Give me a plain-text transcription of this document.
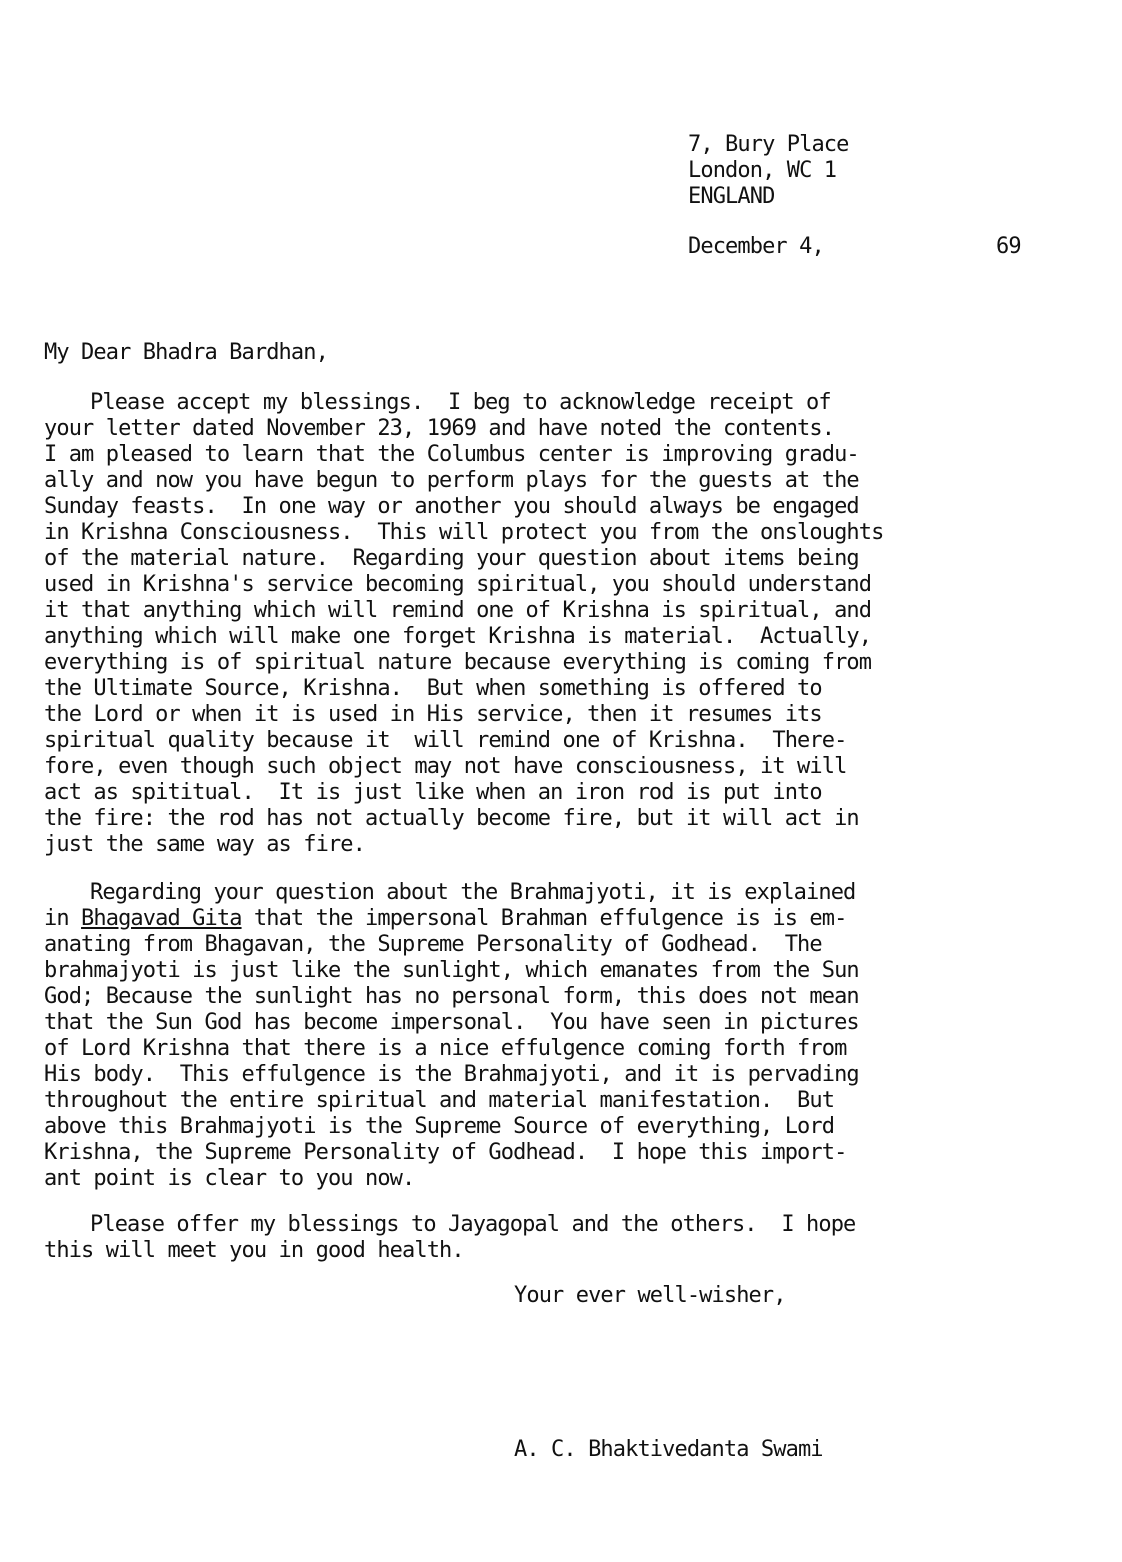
7, Bury Place
London, WC 1
ENGLAND

December 4,

	69

My Dear Bhadra Bardhan,
Please accept my blessings.  I beg to acknowledge receipt of
your letter dated November 23, 1969 and have noted the contents.
I am pleased to learn that the Columbus center is improving gradu-
ally and now you have begun to perform plays for the guests at the
Sunday feasts.  In one way or another you should always be engaged
in Krishna Consciousness.  This will protect you from the onsloughts
of the material nature.  Regarding your question about items being
used in Krishna's service becoming spiritual, you should understand
it that anything which will remind one of Krishna is spiritual, and
anything which will make one forget Krishna is material.  Actually,
everything is of spiritual nature because everything is coming from
the Ultimate Source, Krishna.  But when something is offered to
the Lord or when it is used in His service, then it resumes its
spiritual quality because it  will remind one of Krishna.  There-
fore, even though such object may not have consciousness, it will
act as spititual.  It is just like when an iron rod is put into
the fire: the rod has not actually become fire, but it will act in
just the same way as fire.
Regarding your question about the Brahmajyoti, it is explained
in Bhagavad Gita that the impersonal Brahman effulgence is is em-
anating from Bhagavan, the Supreme Personality of Godhead.  The
brahmajyoti is just like the sunlight, which emanates from the Sun
God; Because the sunlight has no personal form, this does not mean
that the Sun God has become impersonal.  You have seen in pictures
of Lord Krishna that there is a nice effulgence coming forth from
His body.  This effulgence is the Brahmajyoti, and it is pervading
throughout the entire spiritual and material manifestation.  But
above this Brahmajyoti is the Supreme Source of everything, Lord
Krishna, the Supreme Personality of Godhead.  I hope this import-
ant point is clear to you now.
Please offer my blessings to Jayagopal and the others.  I hope
this will meet you in good health.
Your ever well-wisher,
A. C. Bhaktivedanta Swami
